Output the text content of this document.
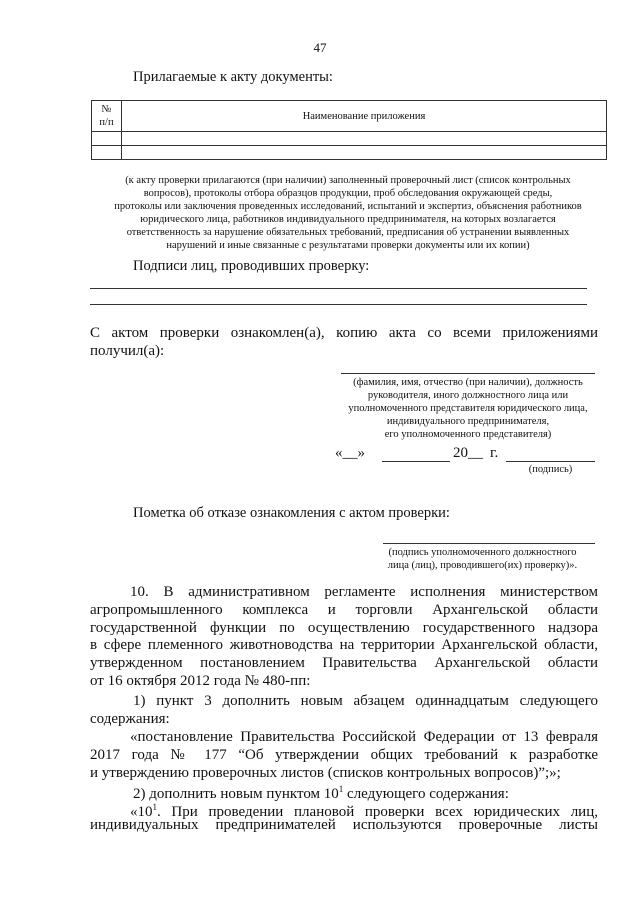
47
Прилагаемые к акту документы:
№
п/п	Наименование приложения

(к акту проверки прилагаются (при наличии) заполненный проверочный лист (список контрольных
вопросов), протоколы отбора образцов продукции, проб обследования окружающей среды,
протоколы или заключения проведенных исследований, испытаний и экспертиз, объяснения работников
юридического лица, работников индивидуального предпринимателя, на которых возлагается
ответственность за нарушение обязательных требований, предписания об устранении выявленных
нарушений и иные связанные с результатами проверки документы или их копии)
Подписи лиц, проводивших проверку:
С актом проверки ознакомлен(а), копию акта со всеми приложениями
получил(а):
(фамилия, имя, отчество (при наличии), должность
руководителя, иного должностного лица или
уполномоченного представителя юридического лица,
индивидуального предпринимателя,
его уполномоченного представителя)
«__»	20__ г.
(подпись)
Пометка об отказе ознакомления с актом проверки:
(подпись уполномоченного должностного
лица (лиц), проводившего(их) проверку)».
10. В административном регламенте исполнения министерством
агропромышленного комплекса и торговли Архангельской области
государственной функции по осуществлению государственного надзора
в сфере племенного животноводства на территории Архангельской области,
утвержденном постановлением Правительства Архангельской области
от 16 октября 2012 года № 480-пп:
1) пункт 3 дополнить новым абзацем одиннадцатым следующего
содержания:
«постановление Правительства Российской Федерации от 13 февраля
2017 года № 177 “Об утверждении общих требований к разработке
и утверждению проверочных листов (списков контрольных вопросов)”;»;
2) дополнить новым пунктом $10^1$ следующего содержания:
«$10^1$. При проведении плановой проверки всех юридических лиц,
индивидуальных предпринимателей используются проверочные листы
